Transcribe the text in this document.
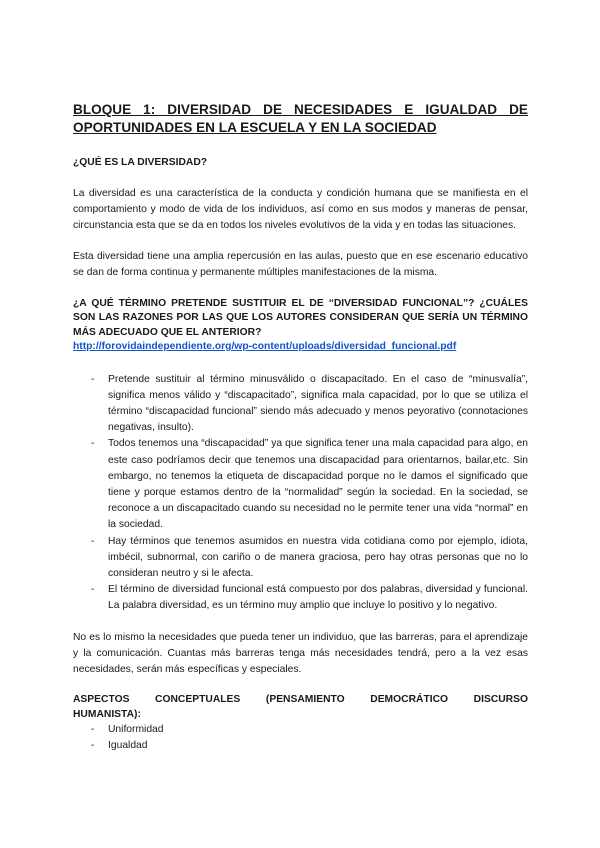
BLOQUE 1: DIVERSIDAD DE NECESIDADES E IGUALDAD DE
OPORTUNIDADES EN LA ESCUELA Y EN LA SOCIEDAD

¿QUÉ ES LA DIVERSIDAD?

La diversidad es una característica de la conducta y condición humana que se manifiesta en el comportamiento y modo de vida de los individuos, así como en sus modos y maneras de pensar, circunstancia esta que se da en todos los niveles evolutivos de la vida y en todas las situaciones.

Esta diversidad tiene una amplia repercusión en las aulas, puesto que en ese escenario educativo se dan de forma continua y permanente múltiples manifestaciones de la misma.

¿A QUÉ TÉRMINO PRETENDE SUSTITUIR EL DE “DIVERSIDAD FUNCIONAL”? ¿CUÁLES SON LAS RAZONES POR LAS QUE LOS AUTORES CONSIDERAN QUE SERÍA UN TÉRMINO MÁS ADECUADO QUE EL ANTERIOR?

http://forovidaindependiente.org/wp-content/uploads/diversidad_funcional.pdf
- Pretende sustituir al término minusválido o discapacitado. En el caso de “minusvalía”, significa menos válido y “discapacitado”, significa mala capacidad, por lo que se utiliza el término “discapacidad funcional” siendo más adecuado y menos peyorativo (connotaciones negativas, insulto).
- Todos tenemos una “discapacidad” ya que significa tener una mala capacidad para algo, en este caso podríamos decir que tenemos una discapacidad para orientarnos, bailar,etc. Sin embargo, no tenemos la etiqueta de discapacidad porque no le damos el significado que tiene y porque estamos dentro de la “normalidad” según la sociedad. En la sociedad, se reconoce a un discapacitado cuando su necesidad no le permite tener una vida “normal” en la sociedad.
- Hay términos que tenemos asumidos en nuestra vida cotidiana como por ejemplo, idiota, imbécil, subnormal, con cariño o de manera graciosa, pero hay otras personas que no lo consideran neutro y si le afecta.
- El término de diversidad funcional está compuesto por dos palabras, diversidad y funcional. La palabra diversidad, es un término muy amplio que incluye lo positivo y lo negativo.

No es lo mismo la necesidades que pueda tener un individuo, que las barreras, para el aprendizaje y la comunicación. Cuantas más barreras tenga más necesidades tendrá, pero a la vez esas necesidades, serán más específicas y especiales.

ASPECTOS CONCEPTUALES (PENSAMIENTO DEMOCRÁTICO DISCURSO
HUMANISTA):

- Uniformidad
- Igualdad
